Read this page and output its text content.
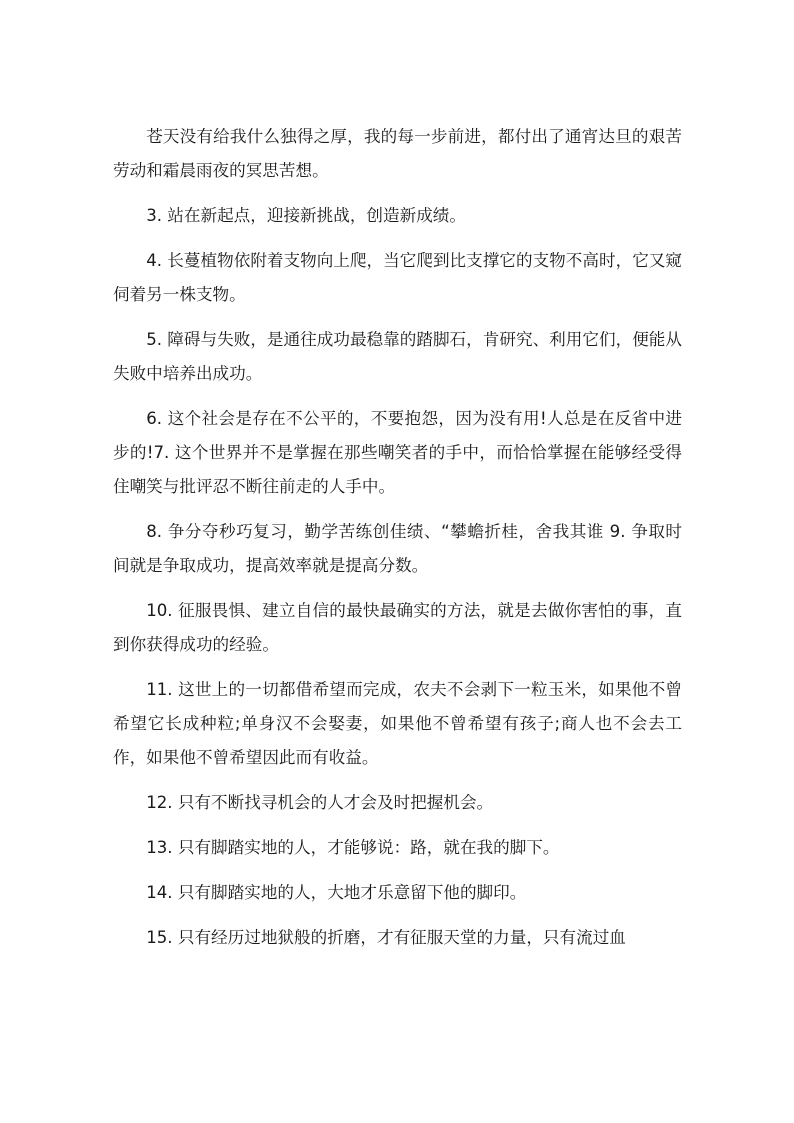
苍天没有给我什么独得之厚，我的每一步前进，都付出了通宵达旦的艰苦劳动和霜晨雨夜的冥思苦想。

3. 站在新起点，迎接新挑战，创造新成绩。

4. 长蔓植物依附着支物向上爬，当它爬到比支撑它的支物不高时，它又窥伺着另一株支物。

5. 障碍与失败，是通往成功最稳靠的踏脚石，肯研究、利用它们，便能从失败中培养出成功。

6. 这个社会是存在不公平的，不要抱怨，因为没有用!人总是在反省中进步的!7. 这个世界并不是掌握在那些嘲笑者的手中，而恰恰掌握在能够经受得住嘲笑与批评忍不断往前走的人手中。

8. 争分夺秒巧复习，勤学苦练创佳绩、“攀蟾折桂，舍我其谁 9. 争取时间就是争取成功，提高效率就是提高分数。

10. 征服畏惧、建立自信的最快最确实的方法，就是去做你害怕的事，直到你获得成功的经验。

11. 这世上的一切都借希望而完成，农夫不会剥下一粒玉米，如果他不曾希望它长成种粒;单身汉不会娶妻，如果他不曾希望有孩子;商人也不会去工作，如果他不曾希望因此而有收益。

12. 只有不断找寻机会的人才会及时把握机会。

13. 只有脚踏实地的人，才能够说：路，就在我的脚下。

14. 只有脚踏实地的人，大地才乐意留下他的脚印。

15. 只有经历过地狱般的折磨，才有征服天堂的力量，只有流过血
